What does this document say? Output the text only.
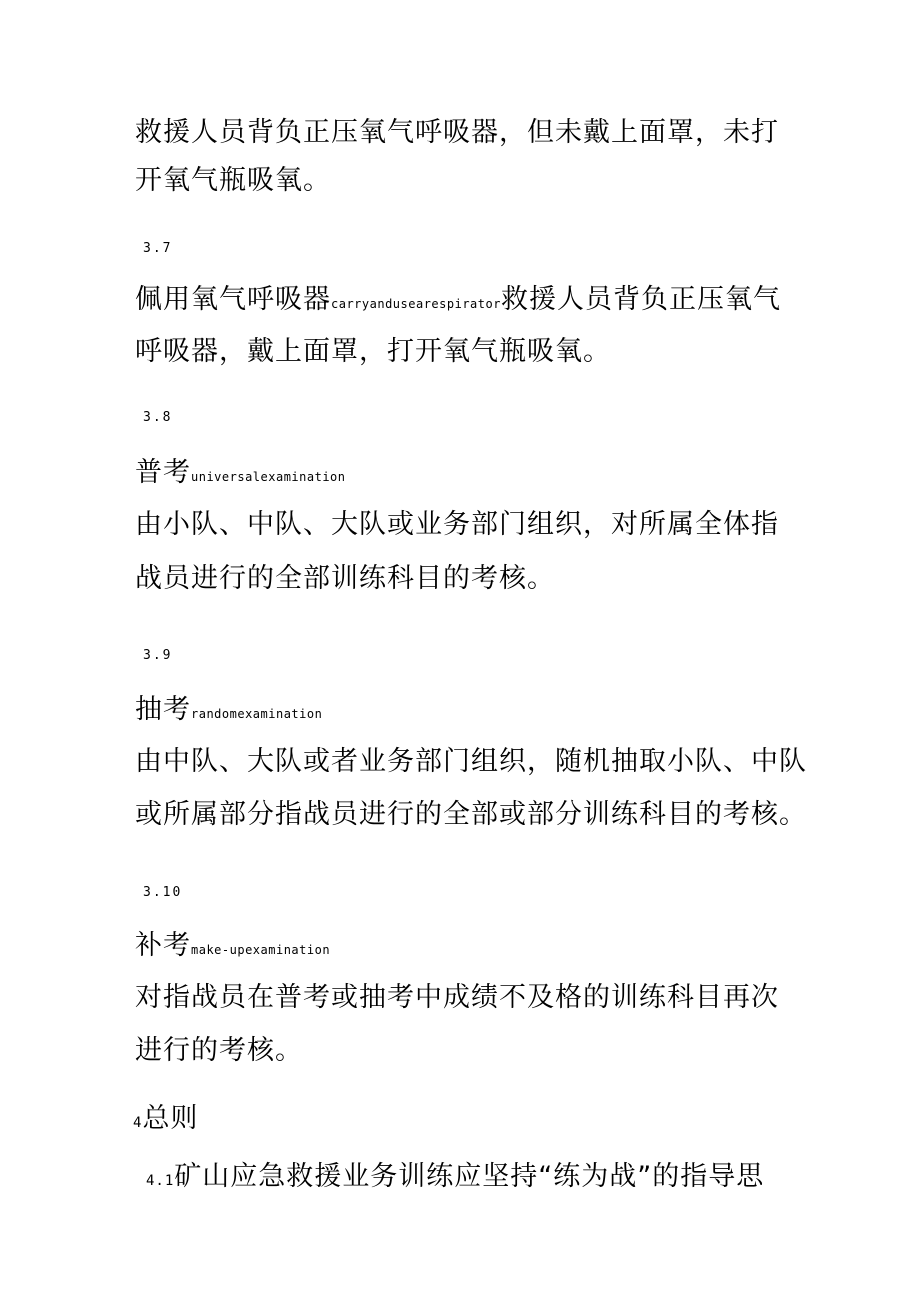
救援人员背负正压氧气呼吸器，但未戴上面罩，未打
开氧气瓶吸氧。
3.7
佩用氧气呼吸器carryandusearespirator救援人员背负正压氧气
呼吸器，戴上面罩，打开氧气瓶吸氧。
3.8
普考universalexamination
由小队、中队、大队或业务部门组织，对所属全体指
战员进行的全部训练科目的考核。
3.9
抽考randomexamination
由中队、大队或者业务部门组织，随机抽取小队、中队
或所属部分指战员进行的全部或部分训练科目的考核。
3.10
补考make-upexamination
对指战员在普考或抽考中成绩不及格的训练科目再次
进行的考核。
4总则
4.1矿山应急救援业务训练应坚持“练为战”的指导思
